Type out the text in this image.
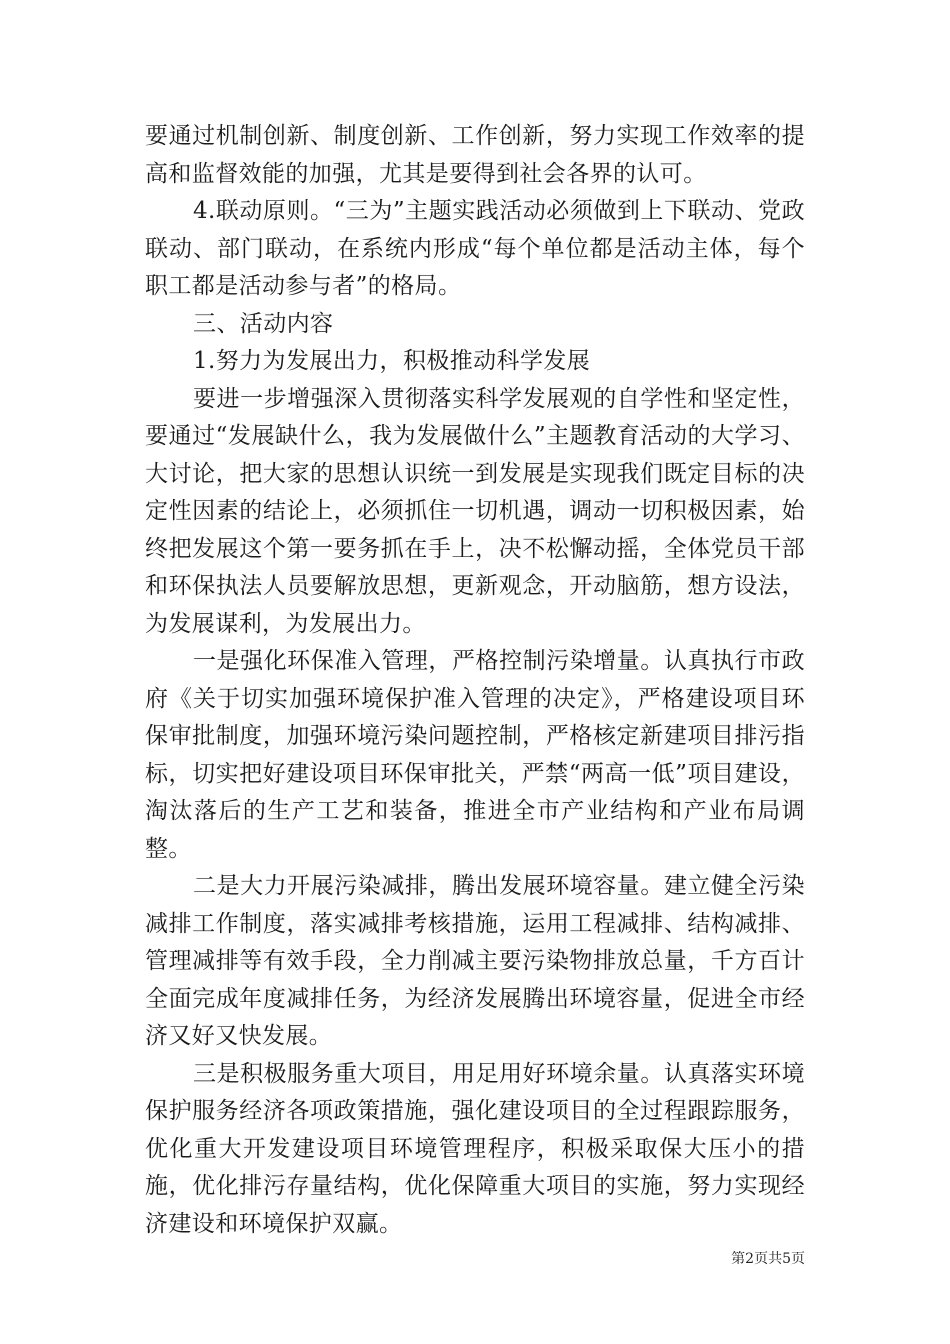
要通过机制创新、制度创新、工作创新，努力实现工作效率的提高和监督效能的加强，尤其是要得到社会各界的认可。

4.联动原则。“三为”主题实践活动必须做到上下联动、党政联动、部门联动，在系统内形成“每个单位都是活动主体，每个职工都是活动参与者”的格局。

三、活动内容

1.努力为发展出力，积极推动科学发展

要进一步增强深入贯彻落实科学发展观的自学性和坚定性，要通过“发展缺什么，我为发展做什么”主题教育活动的大学习、大讨论，把大家的思想认识统一到发展是实现我们既定目标的决定性因素的结论上，必须抓住一切机遇，调动一切积极因素，始终把发展这个第一要务抓在手上，决不松懈动摇，全体党员干部和环保执法人员要解放思想，更新观念，开动脑筋，想方设法，为发展谋利，为发展出力。

一是强化环保准入管理，严格控制污染增量。认真执行市政府《关于切实加强环境保护准入管理的决定》，严格建设项目环保审批制度，加强环境污染问题控制，严格核定新建项目排污指标，切实把好建设项目环保审批关，严禁“两高一低”项目建设，淘汰落后的生产工艺和装备，推进全市产业结构和产业布局调整。

二是大力开展污染减排，腾出发展环境容量。建立健全污染减排工作制度，落实减排考核措施，运用工程减排、结构减排、管理减排等有效手段，全力削减主要污染物排放总量，千方百计全面完成年度减排任务，为经济发展腾出环境容量，促进全市经济又好又快发展。

三是积极服务重大项目，用足用好环境余量。认真落实环境保护服务经济各项政策措施，强化建设项目的全过程跟踪服务，优化重大开发建设项目环境管理程序，积极采取保大压小的措施，优化排污存量结构，优化保障重大项目的实施，努力实现经济建设和环境保护双赢。

第2页共5页
